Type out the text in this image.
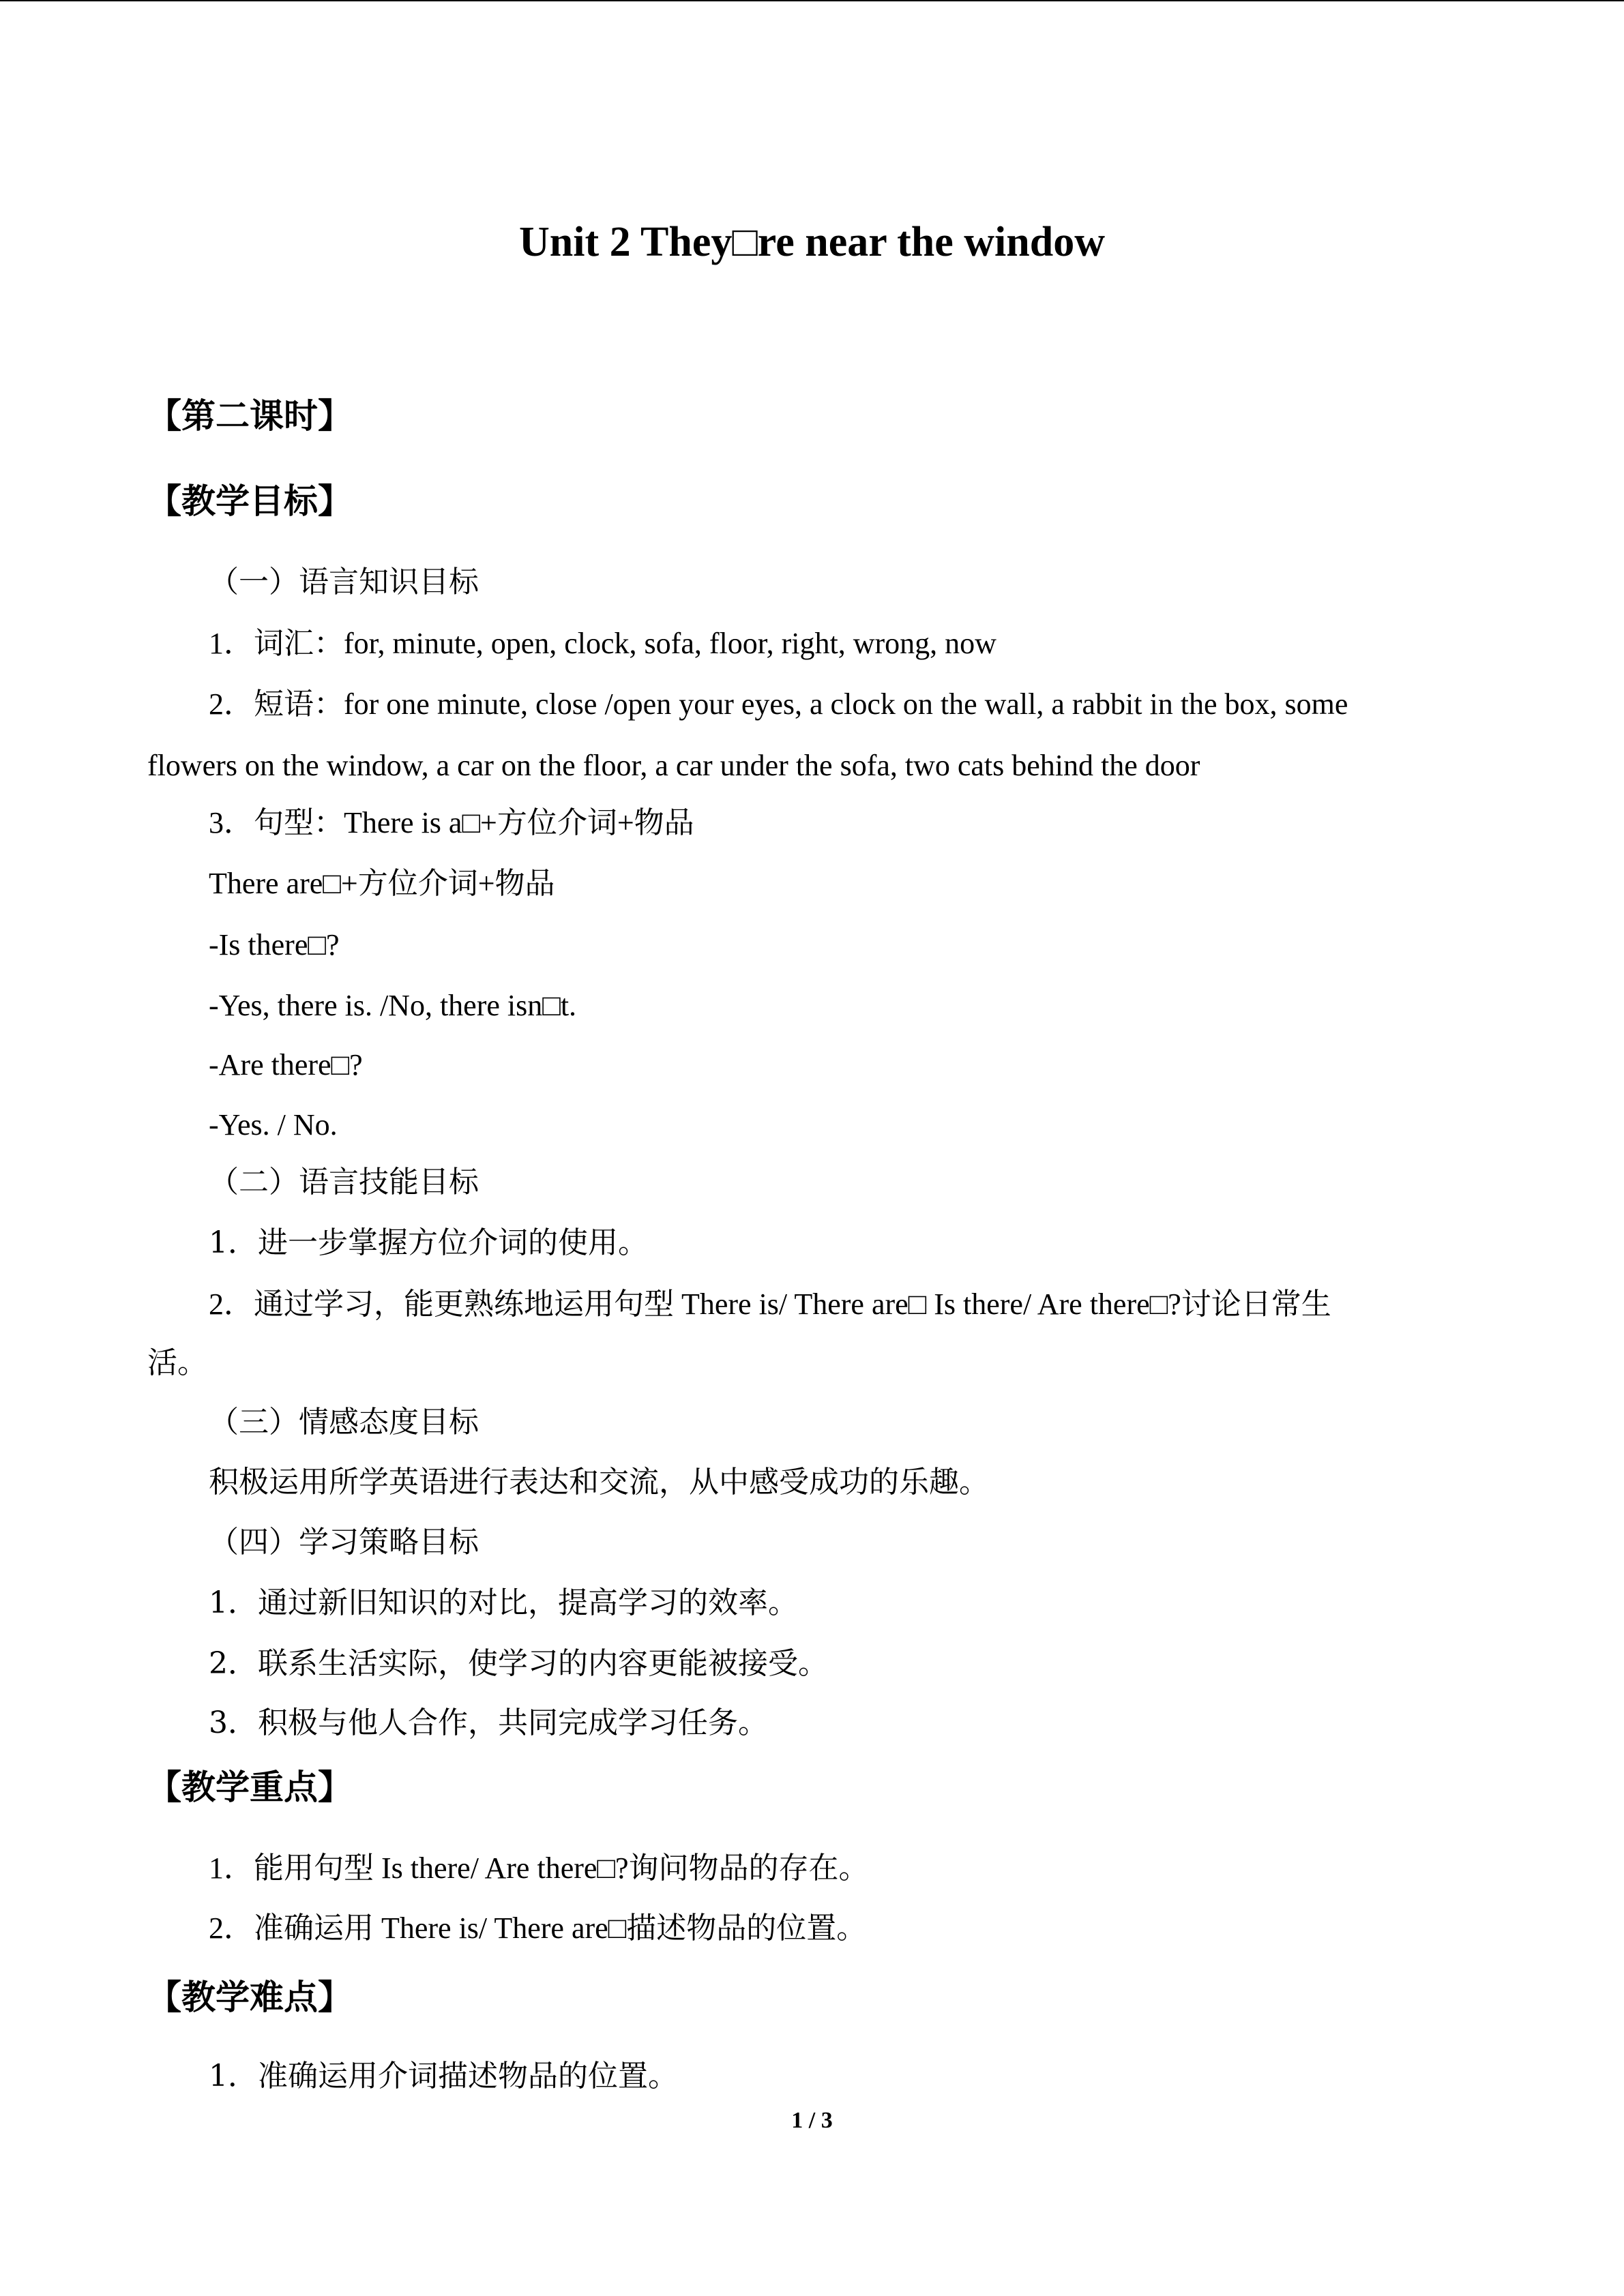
Unit 2 They□re near the window
【第二课时】
【教学目标】
（一）语言知识目标
1．词汇：for, minute, open, clock, sofa, floor, right, wrong, now
2．短语：for one minute, close /open your eyes, a clock on the wall, a rabbit in the box, some
flowers on the window, a car on the floor, a car under the sofa, two cats behind the door
3．句型：There is a□+方位介词+物品
There are□+方位介词+物品
-Is there□?
-Yes, there is. /No, there isn□t.
-Are there□?
-Yes. / No.
（二）语言技能目标
1．进一步掌握方位介词的使用。
2．通过学习，能更熟练地运用句型 There is/ There are□ Is there/ Are there□?讨论日常生
活。
（三）情感态度目标
积极运用所学英语进行表达和交流，从中感受成功的乐趣。
（四）学习策略目标
1．通过新旧知识的对比，提高学习的效率。
2．联系生活实际，使学习的内容更能被接受。
3．积极与他人合作，共同完成学习任务。
【教学重点】
1．能用句型 Is there/ Are there□?询问物品的存在。
2．准确运用 There is/ There are□描述物品的位置。
【教学难点】
1．准确运用介词描述物品的位置。
1 / 3
